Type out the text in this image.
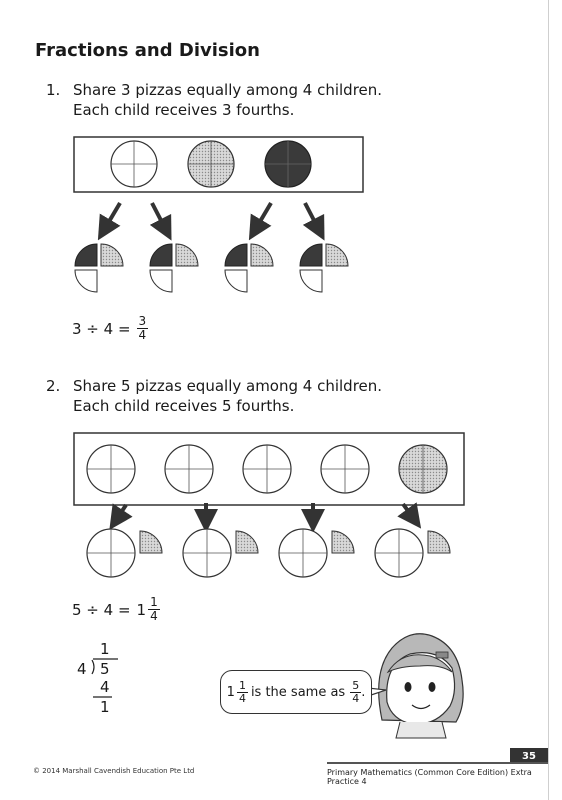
Fractions and Division
1. Share 3 pizzas equally among 4 children.
Each child receives 3 fourths.
$3 \div 4 = \frac{3}{4}$
2. Share 5 pizzas equally among 4 children.
Each child receives 5 fourths.
$5 \div 4 = 1 \frac{1}{4}$
1
4 5
4
1
$1 \frac{1}{4}$ is the same as $\frac{5}{4}$ .
35
© 2014 Marshall Cavendish Education Pte Ltd	Primary Mathematics (Common Core Edition) Extra Practice 4
